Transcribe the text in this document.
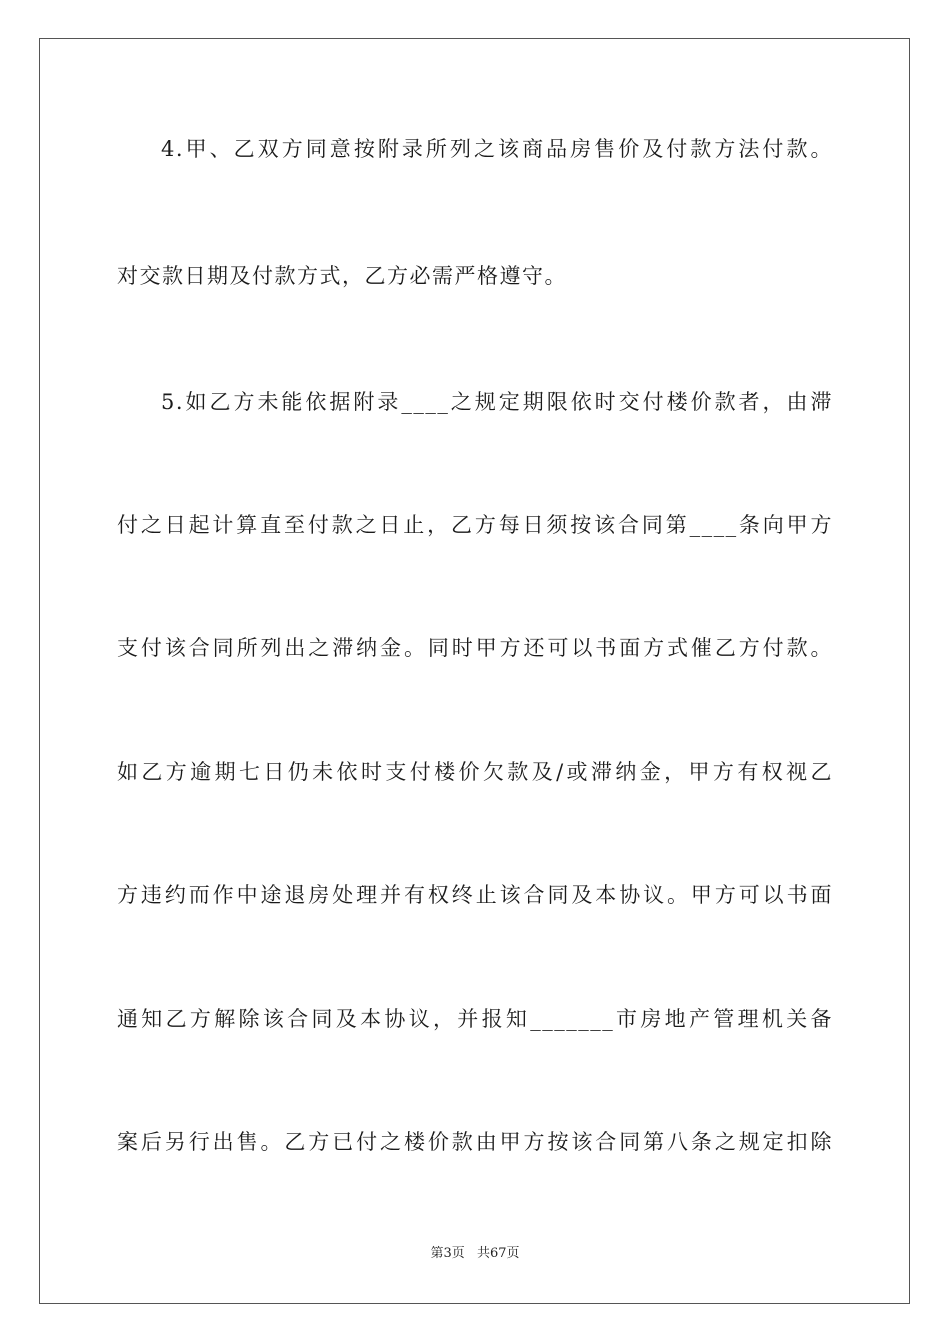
4.甲、乙双方同意按附录所列之该商品房售价及付款方法付款。
对交款日期及付款方式，乙方必需严格遵守。
5.如乙方未能依据附录____之规定期限依时交付楼价款者，由滞
付之日起计算直至付款之日止，乙方每日须按该合同第____条向甲方
支付该合同所列出之滞纳金。同时甲方还可以书面方式催乙方付款。
如乙方逾期七日仍未依时支付楼价欠款及/或滞纳金，甲方有权视乙
方违约而作中途退房处理并有权终止该合同及本协议。甲方可以书面
通知乙方解除该合同及本协议，并报知_______市房地产管理机关备
案后另行出售。乙方已付之楼价款由甲方按该合同第八条之规定扣除
第3页 共67页
